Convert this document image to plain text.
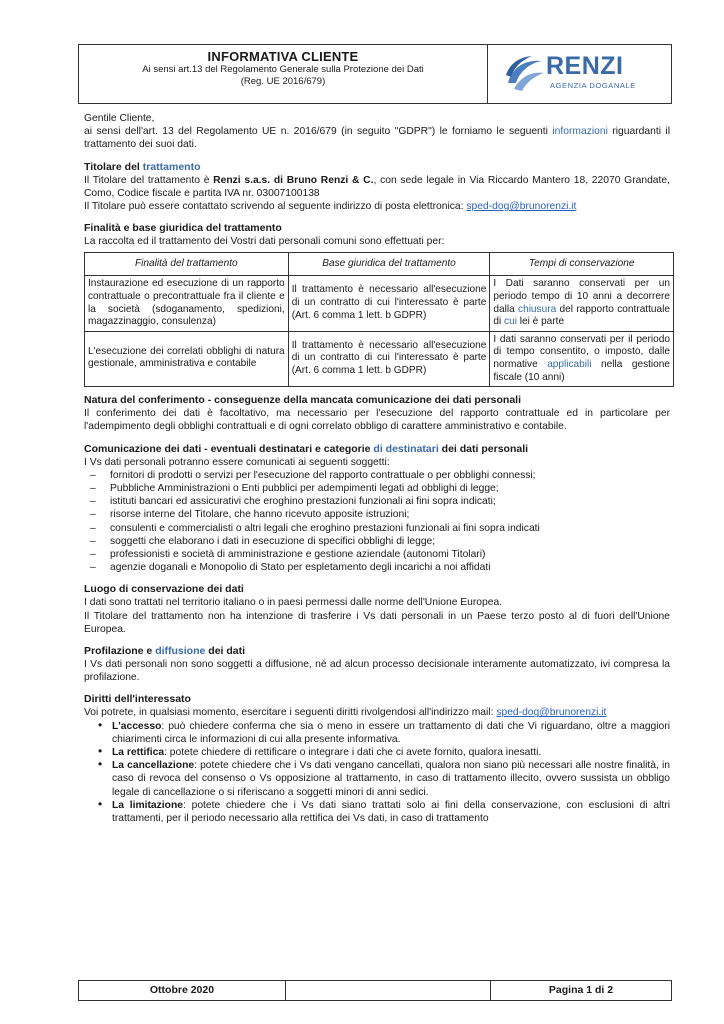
INFORMATIVA CLIENTE
Ai sensi art.13 del Regolamento Generale sulla Protezione dei Dati
(Reg. UE 2016/679)
RENZI
AGENZIA DOGANALE

Gentile Cliente,

ai sensi dell'art. 13 del Regolamento UE n. 2016/679 (in seguito "GDPR") le forniamo le seguenti informazioni riguardanti il trattamento dei suoi dati.

Titolare del trattamento

Il Titolare del trattamento è Renzi s.a.s. di Bruno Renzi & C., con sede legale in Via Riccardo Mantero 18, 22070 Grandate, Como, Codice fiscale e partita IVA nr. 03007100138

Il Titolare può essere contattato scrivendo al seguente indirizzo di posta elettronica: sped-dog@brunorenzi.it

Finalità e base giuridica del trattamento

La raccolta ed il trattamento dei Vostri dati personali comuni sono effettuati per:

Finalità del trattamento	Base giuridica del trattamento	Tempi di conservazione
Instaurazione ed esecuzione di un rapporto contrattuale o precontrattuale fra il cliente e la società (sdoganamento, spedizioni, magazzinaggio, consulenza)	Il trattamento è necessario all'esecuzione di un contratto di cui l'interessato è parte (Art. 6 comma 1 lett. b GDPR)	I Dati saranno conservati per un periodo tempo di 10 anni a decorrere dalla chiusura del rapporto contrattuale di cui lei è parte
L'esecuzione dei correlati obblighi di natura gestionale, amministrativa e contabile	Il trattamento è necessario all'esecuzione di un contratto di cui l'interessato è parte (Art. 6 comma 1 lett. b GDPR)	I dati saranno conservati per il periodo di tempo consentito, o imposto, dalle normative applicabili nella gestione fiscale (10 anni)
Natura del conferimento - conseguenze della mancata comunicazione dei dati personali

Il conferimento dei dati è facoltativo, ma necessario per l'esecuzione del rapporto contrattuale ed in particolare per l'adempimento degli obblighi contrattuali e di ogni correlato obbligo di carattere amministrativo e contabile.

Comunicazione dei dati - eventuali destinatari e categorie di destinatari dei dati personali

I Vs dati personali potranno essere comunicati ai seguenti soggetti:

– fornitori di prodotti o servizi per l'esecuzione del rapporto contrattuale o per obblighi connessi;
– Pubbliche Amministrazioni o Enti pubblici per adempimenti legati ad obblighi di legge;
– istituti bancari ed assicurativi che eroghino prestazioni funzionali ai fini sopra indicati;
– risorse interne del Titolare, che hanno ricevuto apposite istruzioni;
– consulenti e commercialisti o altri legali che eroghino prestazioni funzionali ai fini sopra indicati
– soggetti che elaborano i dati in esecuzione di specifici obblighi di legge;
– professionisti e società di amministrazione e gestione aziendale (autonomi Titolari)
– agenzie doganali e Monopolio di Stato per espletamento degli incarichi a noi affidati
Luogo di conservazione dei dati

I dati sono trattati nel territorio italiano o in paesi permessi dalle norme dell'Unione Europea.

Il Titolare del trattamento non ha intenzione di trasferire i Vs dati personali in un Paese terzo posto al di fuori dell'Unione Europea.

Profilazione e diffusione dei dati

I Vs dati personali non sono soggetti a diffusione, né ad alcun processo decisionale interamente automatizzato, ivi compresa la profilazione.

Diritti dell'interessato

Voi potrete, in qualsiasi momento, esercitare i seguenti diritti rivolgendosi all'indirizzo mail: sped-dog@brunorenzi.it

• L'accesso: può chiedere conferma che sia o meno in essere un trattamento di dati che Vi riguardano, oltre a maggiori chiarimenti circa le informazioni di cui alla presente informativa.
• La rettifica: potete chiedere di rettificare o integrare i dati che ci avete fornito, qualora inesatti.
• La cancellazione: potete chiedere che i Vs dati vengano cancellati, qualora non siano più necessari alle nostre finalità, in caso di revoca del consenso o Vs opposizione al trattamento, in caso di trattamento illecito, ovvero sussista un obbligo legale di cancellazione o si riferiscano a soggetti minori di anni sedici.
• La limitazione: potete chiedere che i Vs dati siano trattati solo ai fini della conservazione, con esclusioni di altri trattamenti, per il periodo necessario alla rettifica dei Vs dati, in caso di trattamento
Ottobre 2020	Pagina 1 di 2
